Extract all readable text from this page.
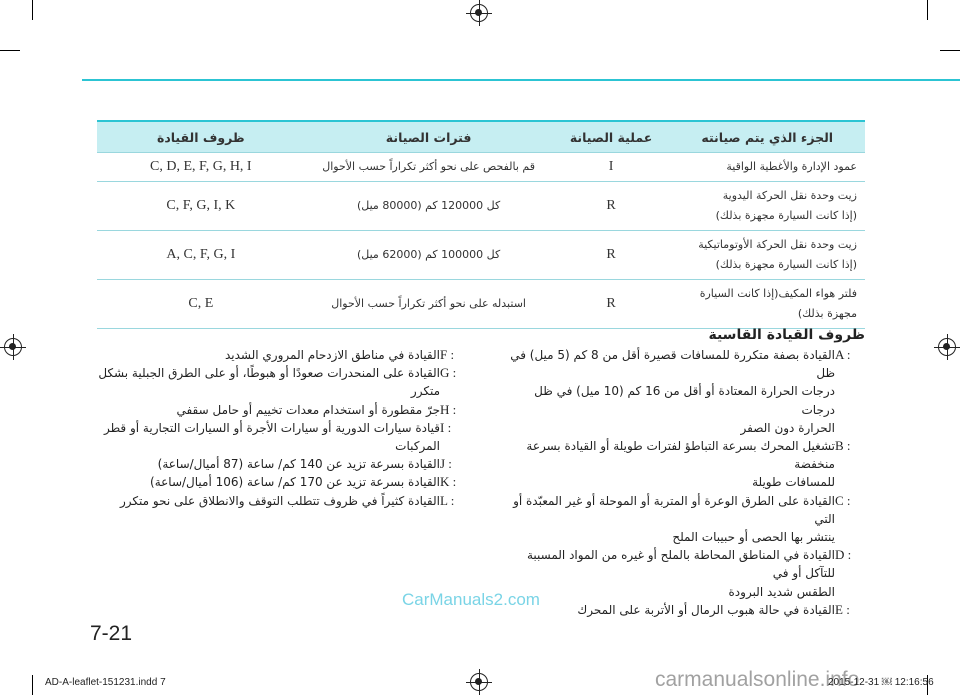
الجزء الذي يتم صيانته	عملية الصيانة	فترات الصيانة	ظروف القيادة

عمود الإدارة والأغطية الواقية	I	قم بالفحص على نحو أكثر تكراراً حسب الأحوال	C, D, E, F, G, H, I

زيت وحدة نقل الحركة اليدوية
(إذا كانت السيارة مجهزة بذلك)	R	كل 120000 كم (80000 ميل)	C, F, G, I, K

زيت وحدة نقل الحركة الأوتوماتيكية
(إذا كانت السيارة مجهزة بذلك)	R	كل 100000 كم (62000 ميل)	A, C, F, G, I

فلتر هواء المكيف(إذا كانت السيارة مجهزة بذلك)	R	استبدله على نحو أكثر تكراراً حسب الأحوال	C, E
ظروف القيادة القاسية
A :
القيادة بصفة متكررة للمسافات قصيرة أقل من 8 كم (5 ميل) في ظل
درجات الحرارة المعتادة أو أقل من 16 كم (10 ميل) في ظل درجات
الحرارة دون الصفر
B :
تشغيل المحرك بسرعة التباطؤ لفترات طويلة أو القيادة بسرعة منخفضة
للمسافات طويلة
C :
القيادة على الطرق الوعرة أو المتربة أو الموحلة أو غير المعبّدة أو التي
ينتشر بها الحصى أو حبيبات الملح
D :
القيادة في المناطق المحاطة بالملح أو غيره من المواد المسببة للتآكل أو في
الطقس شديد البرودة
E :
القيادة في حالة هبوب الرمال أو الأتربة على المحرك
F :
القيادة في مناطق الازدحام المروري الشديد
G :
القيادة على المنحدرات صعودًا أو هبوطًا، أو على الطرق الجبلية بشكل
متكرر
H :
جرّ مقطورة أو استخدام معدات تخييم أو حامل سقفي
I :
قيادة سيارات الدورية أو سيارات الأجرة أو السيارات التجارية أو قطر
المركبات
J :
القيادة بسرعة تزيد عن 140 كم/ ساعة (87 أميال/ساعة)
K :
القيادة بسرعة تزيد عن 170 كم/ ساعة (106 أميال/ساعة)
L :
القيادة كثيراً في ظروف تتطلب التوقف والانطلاق على نحو متكرر
CarManuals2.com
7-21
AD-A-leaflet-151231.indd 7	carmanualsonline.info
2015-12-31 ￼ 12:16:56
